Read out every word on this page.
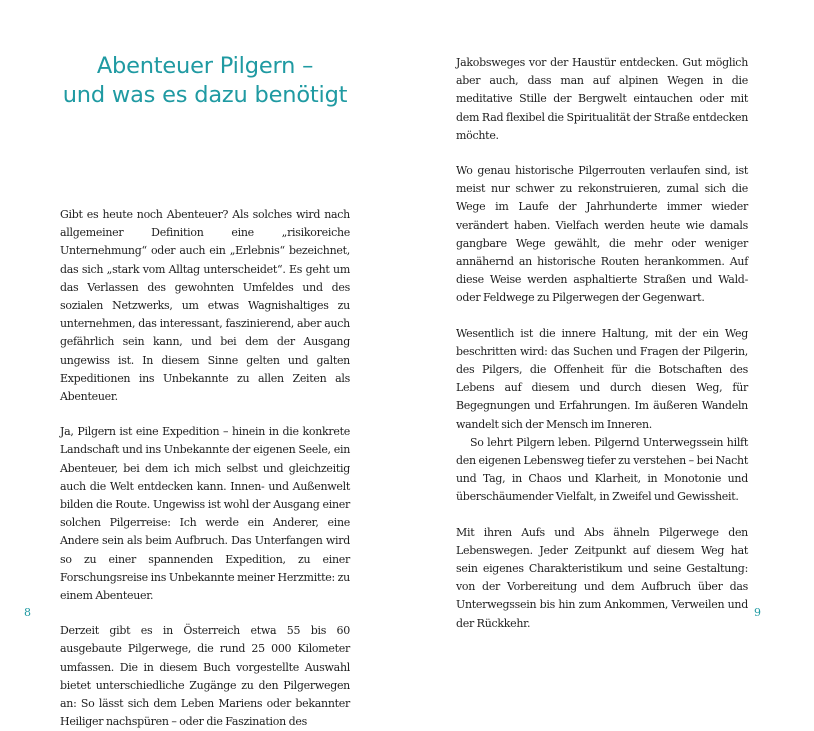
Abenteuer Pilgern –
und was es dazu benötigt

Gibt es heute noch Abenteuer? Als solches wird nach allgemeiner Definition eine „risikoreiche Unternehmung“ oder auch ein „Erlebnis“ bezeichnet, das sich „stark vom Alltag unterscheidet“. Es geht um das Verlassen des gewohnten Umfeldes und des sozialen Netzwerks, um etwas Wagnishaltiges zu unternehmen, das interessant, faszinierend, aber auch gefährlich sein kann, und bei dem der Ausgang ungewiss ist. In diesem Sinne gelten und galten Expeditionen ins Unbekannte zu allen Zeiten als Abenteuer.

Ja, Pilgern ist eine Expedition – hinein in die konkrete Landschaft und ins Unbekannte der eigenen Seele, ein Abenteuer, bei dem ich mich selbst und gleichzeitig auch die Welt entdecken kann. Innen- und Außenwelt bilden die Route. Ungewiss ist wohl der Ausgang einer solchen Pilgerreise: Ich werde ein Anderer, eine Andere sein als beim Aufbruch. Das Unterfangen wird so zu einer spannenden Expedition, zu einer Forschungsreise ins Unbekannte meiner Herzmitte: zu einem Abenteuer.

Derzeit gibt es in Österreich etwa 55 bis 60 ausgebaute Pilgerwege, die rund 25 000 Kilometer umfassen. Die in diesem Buch vorgestellte Auswahl bietet unterschiedliche Zugänge zu den Pilgerwegen an: So lässt sich dem Leben Mariens oder bekannter Heiliger nachspüren – oder die Faszination des

8

Jakobsweges vor der Haustür entdecken. Gut möglich aber auch, dass man auf alpinen Wegen in die meditative Stille der Bergwelt eintauchen oder mit dem Rad flexibel die Spiritualität der Straße entdecken möchte.

Wo genau historische Pilgerrouten verlaufen sind, ist meist nur schwer zu rekonstruieren, zumal sich die Wege im Laufe der Jahrhunderte immer wieder verändert haben. Vielfach werden heute wie damals gangbare Wege gewählt, die mehr oder weniger annähernd an historische Routen herankommen. Auf diese Weise werden asphaltierte Straßen und Wald- oder Feldwege zu Pilgerwegen der Gegenwart.

Wesentlich ist die innere Haltung, mit der ein Weg beschritten wird: das Suchen und Fragen der Pilgerin, des Pilgers, die Offenheit für die Botschaften des Lebens auf diesem und durch diesen Weg, für Begegnungen und Erfahrungen. Im äußeren Wandeln wandelt sich der Mensch im Inneren.

So lehrt Pilgern leben. Pilgernd Unterwegssein hilft den eigenen Lebensweg tiefer zu verstehen – bei Nacht und Tag, in Chaos und Klarheit, in Monotonie und überschäumender Vielfalt, in Zweifel und Gewissheit.

Mit ihren Aufs und Abs ähneln Pilgerwege den Lebenswegen. Jeder Zeitpunkt auf diesem Weg hat sein eigenes Charakteristikum und seine Gestaltung: von der Vorbereitung und dem Aufbruch über das Unterwegssein bis hin zum Ankommen, Verweilen und der Rückkehr.

9
